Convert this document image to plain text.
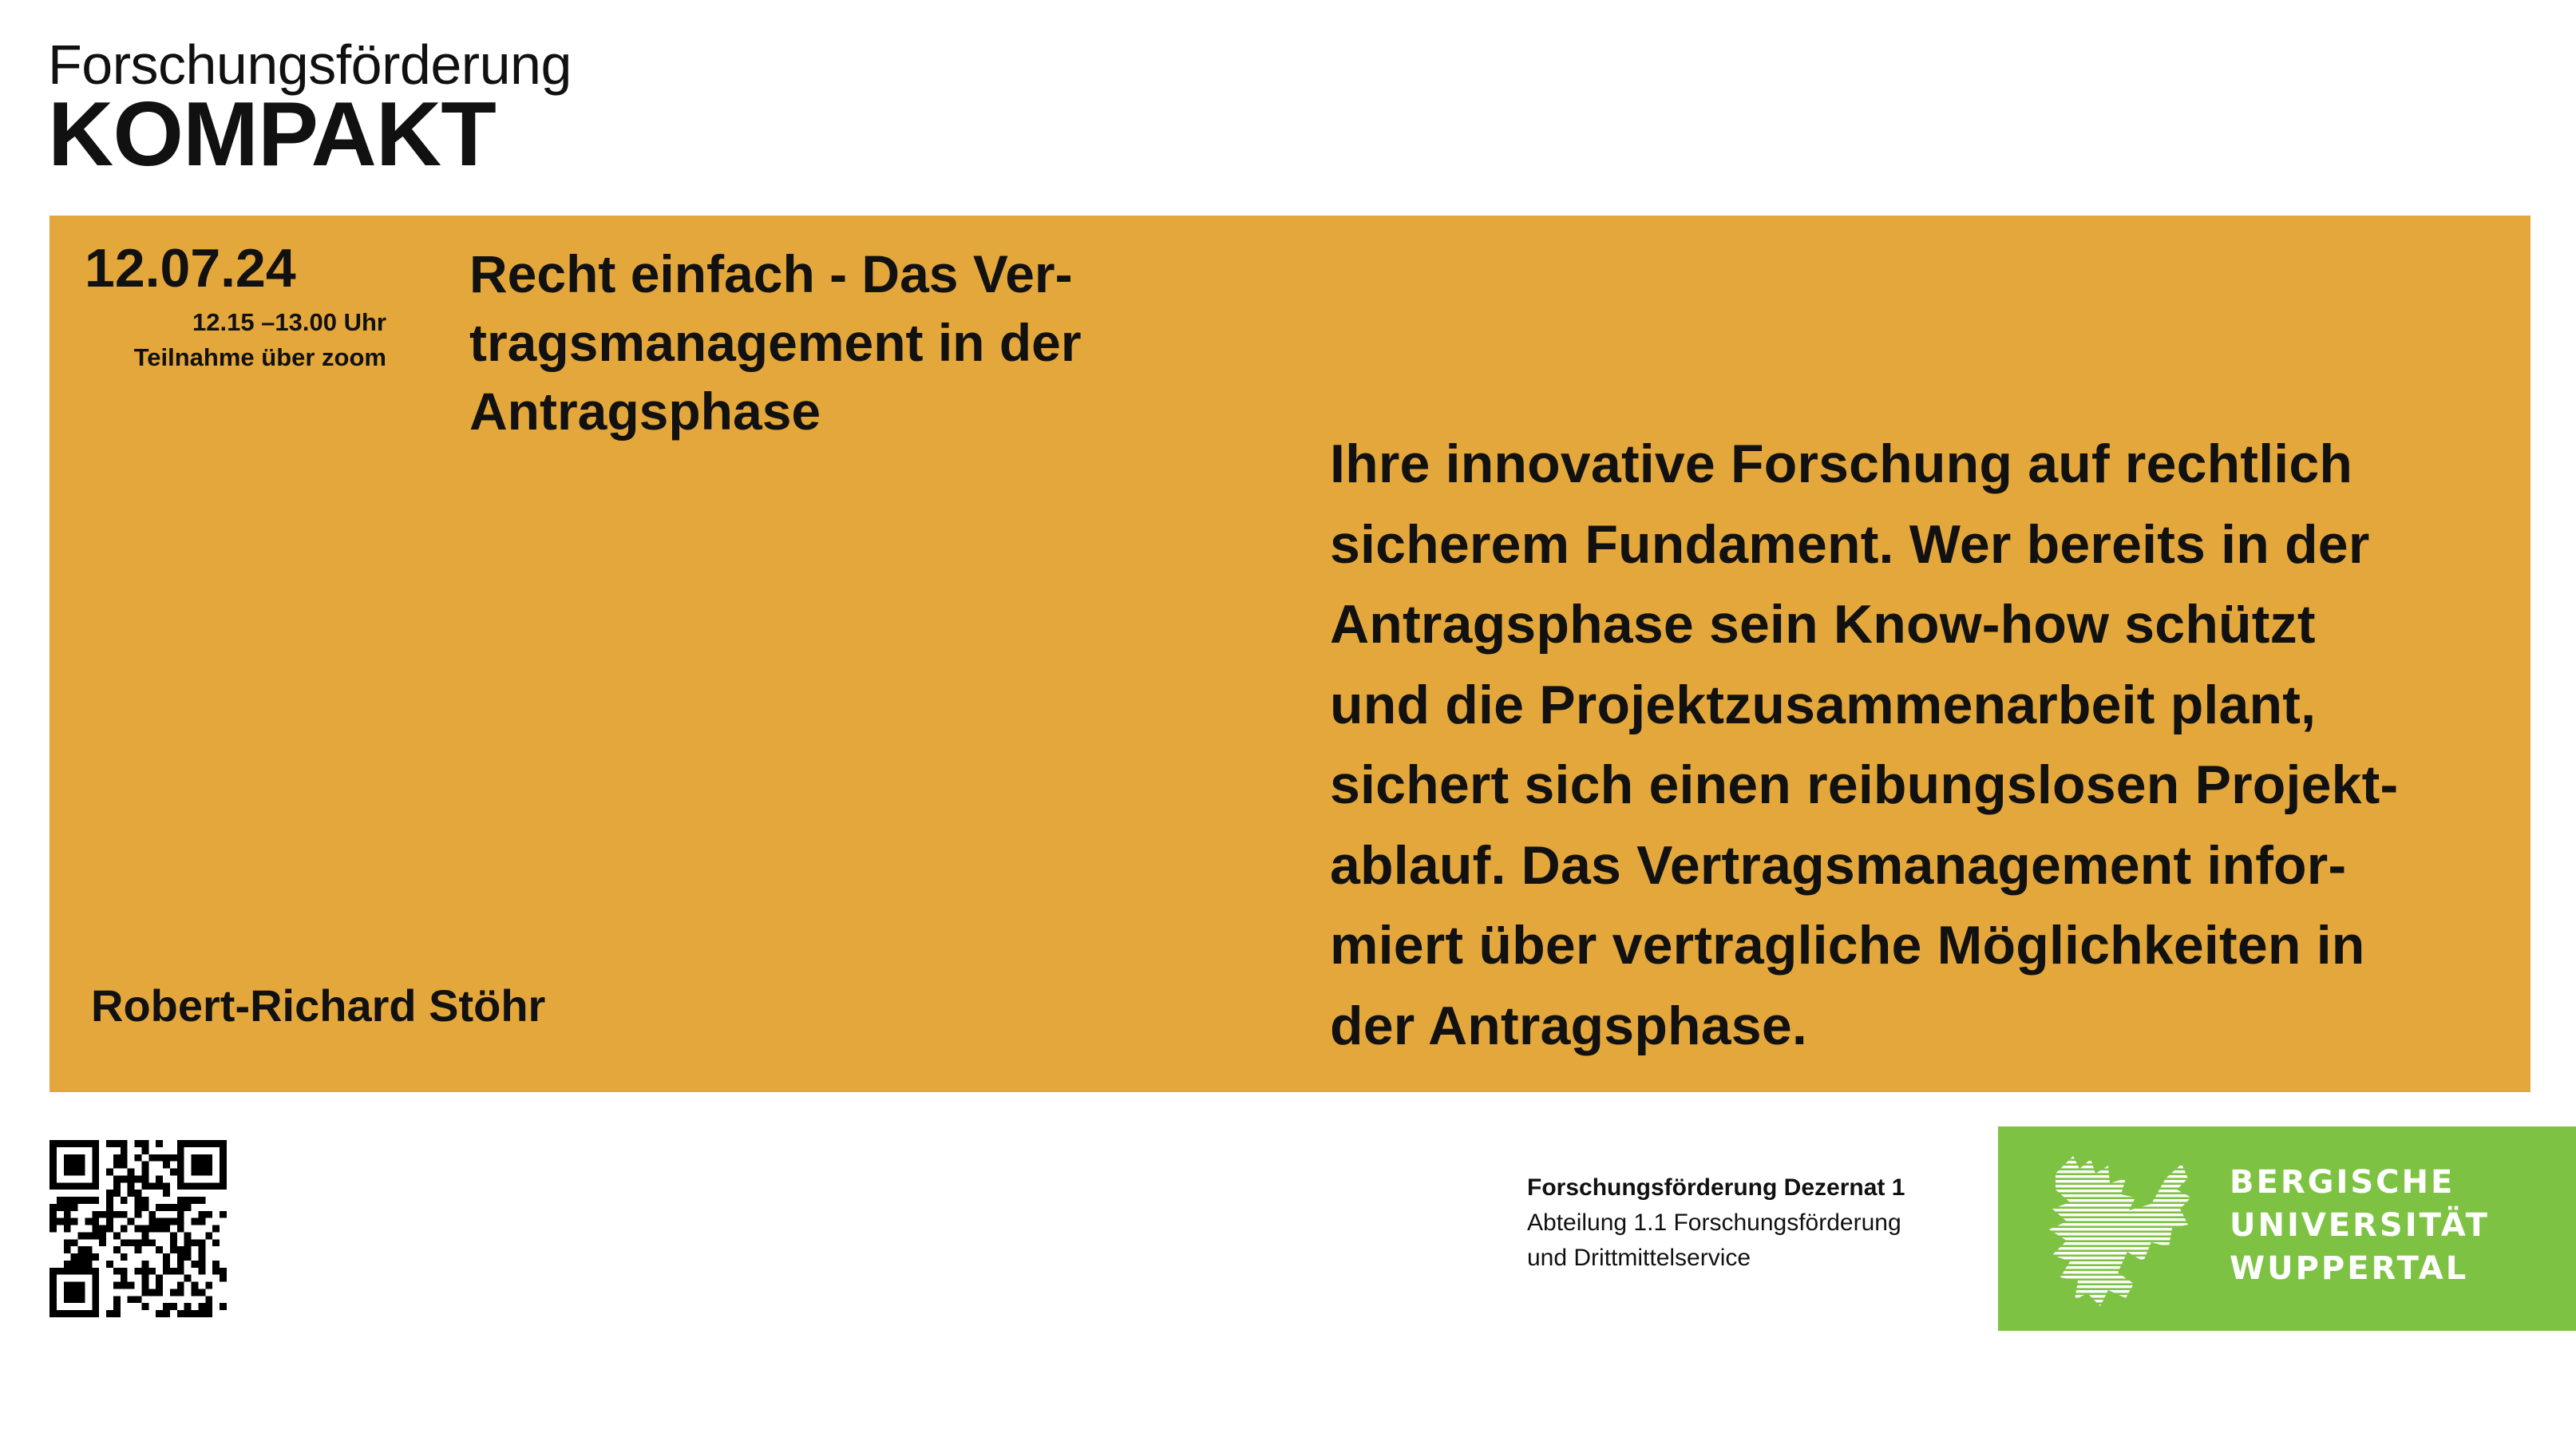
Forschungsförderung
KOMPAKT
12.07.24
12.15 –13.00 Uhr
Teilnahme über zoom

Recht einfach - Das Ver-
tragsmanagement in der
Antragsphase

Ihre innovative Forschung auf rechtlich
sicherem Fundament. Wer bereits in der
Antragsphase sein Know-how schützt
und die Projektzusammenarbeit plant,
sichert sich einen reibungslosen Projekt-
ablauf. Das Vertragsmanagement infor-
miert über vertragliche Möglichkeiten in
der Antragsphase.

Robert-Richard Stöhr
Forschungsförderung Dezernat 1
Abteilung 1.1 Forschungsförderung
und Drittmittelservice
BERGISCHE
UNIVERSITÄT
WUPPERTAL
